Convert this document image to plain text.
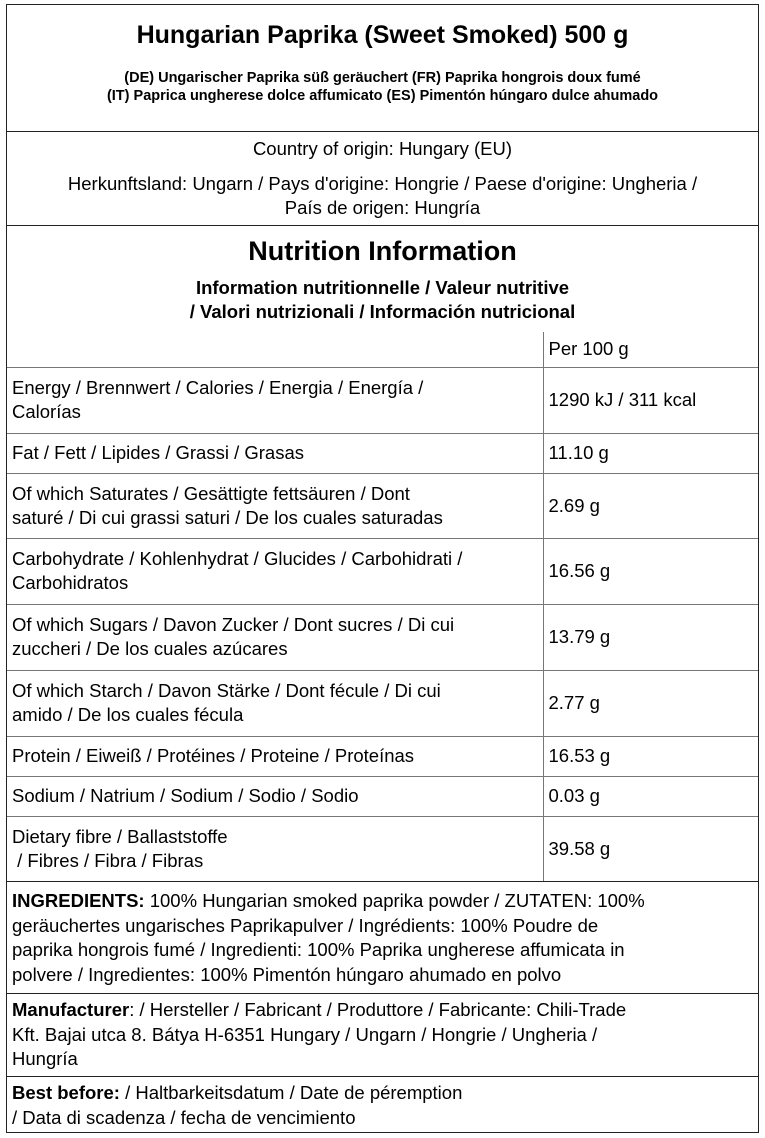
Hungarian Paprika (Sweet Smoked) 500 g
(DE) Ungarischer Paprika süß geräuchert (FR) Paprika hongrois doux fumé
(IT) Paprica ungherese dolce affumicato (ES) Pimentón húngaro dulce ahumado
Country of origin: Hungary (EU)
Herkunftsland: Ungarn / Pays d'origine: Hongrie / Paese d'origine: Ungheria /
País de origen: Hungría
Nutrition Information
Information nutritionnelle / Valeur nutritive
/ Valori nutrizionali / Información nutricional
	Per 100 g

Energy / Brennwert / Calories / Energia / Energía /
Calorías	1290 kJ / 311 kcal

Fat / Fett / Lipides / Grassi / Grasas	11.10 g

Of which Saturates / Gesättigte fettsäuren / Dont
saturé / Di cui grassi saturi / De los cuales saturadas	2.69 g

Carbohydrate / Kohlenhydrat / Glucides / Carbohidrati /
Carbohidratos	16.56 g

Of which Sugars / Davon Zucker / Dont sucres / Di cui
zuccheri / De los cuales azúcares	13.79 g

Of which Starch / Davon Stärke / Dont fécule / Di cui
amido / De los cuales fécula	2.77 g

Protein / Eiweiß / Protéines / Proteine / Proteínas	16.53 g

Sodium / Natrium / Sodium / Sodio / Sodio	0.03 g

Dietary fibre / Ballaststoffe
/ Fibres / Fibra / Fibras	39.58 g
INGREDIENTS: 100% Hungarian smoked paprika powder / ZUTATEN: 100%
geräuchertes ungarisches Paprikapulver / Ingrédients: 100% Poudre de
paprika hongrois fumé / Ingredienti: 100% Paprika ungherese affumicata in
polvere / Ingredientes: 100% Pimentón húngaro ahumado en polvo
Manufacturer: / Hersteller / Fabricant / Produttore / Fabricante: Chili-Trade
Kft. Bajai utca 8. Bátya H-6351 Hungary / Ungarn / Hongrie / Ungheria /
Hungría
Best before: / Haltbarkeitsdatum / Date de péremption
/ Data di scadenza / fecha de vencimiento
